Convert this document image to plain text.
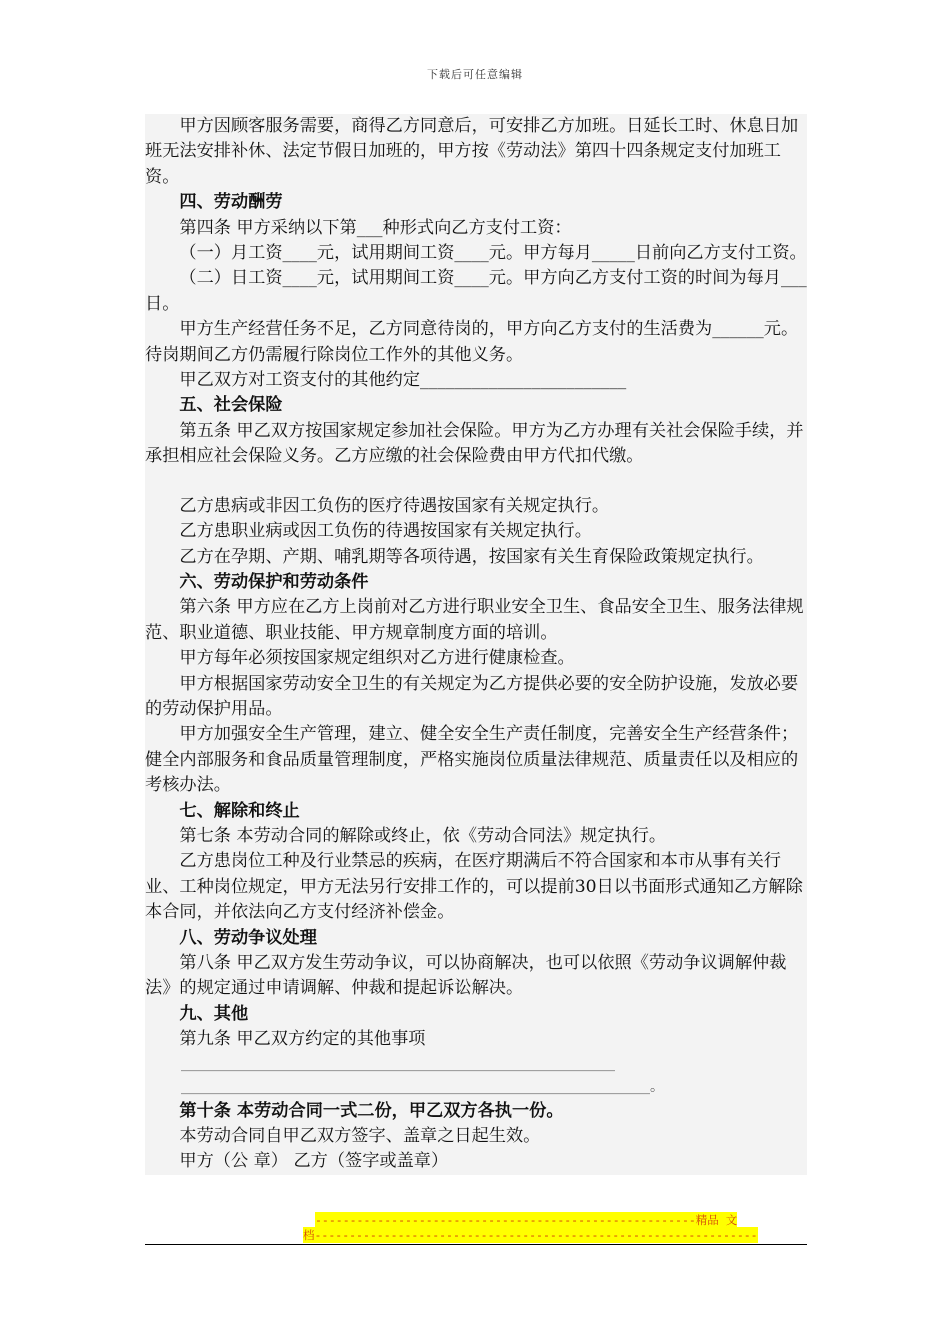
下载后可任意编辑

甲方因顾客服务需要，商得乙方同意后，可安排乙方加班。日延长工时、休息日加班无法安排补休、法定节假日加班的，甲方按《劳动法》第四十四条规定支付加班工资。

四、劳动酬劳

第四条 甲方采纳以下第___种形式向乙方支付工资：

（一）月工资____元，试用期间工资____元。甲方每月_____日前向乙方支付工资。

（二）日工资____元，试用期间工资____元。甲方向乙方支付工资的时间为每月___日。

甲方生产经营任务不足，乙方同意待岗的，甲方向乙方支付的生活费为______元。待岗期间乙方仍需履行除岗位工作外的其他义务。

甲乙双方对工资支付的其他约定________________________

五、社会保险

第五条 甲乙双方按国家规定参加社会保险。甲方为乙方办理有关社会保险手续，并承担相应社会保险义务。乙方应缴的社会保险费由甲方代扣代缴。

乙方患病或非因工负伤的医疗待遇按国家有关规定执行。

乙方患职业病或因工负伤的待遇按国家有关规定执行。

乙方在孕期、产期、哺乳期等各项待遇，按国家有关生育保险政策规定执行。

六、劳动保护和劳动条件

第六条 甲方应在乙方上岗前对乙方进行职业安全卫生、食品安全卫生、服务法律规范、职业道德、职业技能、甲方规章制度方面的培训。

甲方每年必须按国家规定组织对乙方进行健康检查。

甲方根据国家劳动安全卫生的有关规定为乙方提供必要的安全防护设施，发放必要的劳动保护用品。

甲方加强安全生产管理，建立、健全安全生产责任制度，完善安全生产经营条件；健全内部服务和食品质量管理制度，严格实施岗位质量法律规范、质量责任以及相应的考核办法。

七、解除和终止

第七条 本劳动合同的解除或终止，依《劳动合同法》规定执行。

乙方患岗位工种及行业禁忌的疾病，在医疗期满后不符合国家和本市从事有关行业、工种岗位规定，甲方无法另行安排工作的，可以提前30日以书面形式通知乙方解除本合同，并依法向乙方支付经济补偿金。

八、劳动争议处理

第八条 甲乙双方发生劳动争议，可以协商解决，也可以依照《劳动争议调解仲裁法》的规定通过申请调解、仲裁和提起诉讼解决。

九、其他

第九条 甲乙双方约定的其他事项

______________________________________________________________
___________________________________________________________________。

第十条 本劳动合同一式二份，甲乙双方各执一份。

本劳动合同自甲乙双方签字、盖章之日起生效。

甲方（公 章） 乙方（签字或盖章）

-------------------------------------------------------精品 文
档----------------------------------------------------------------
